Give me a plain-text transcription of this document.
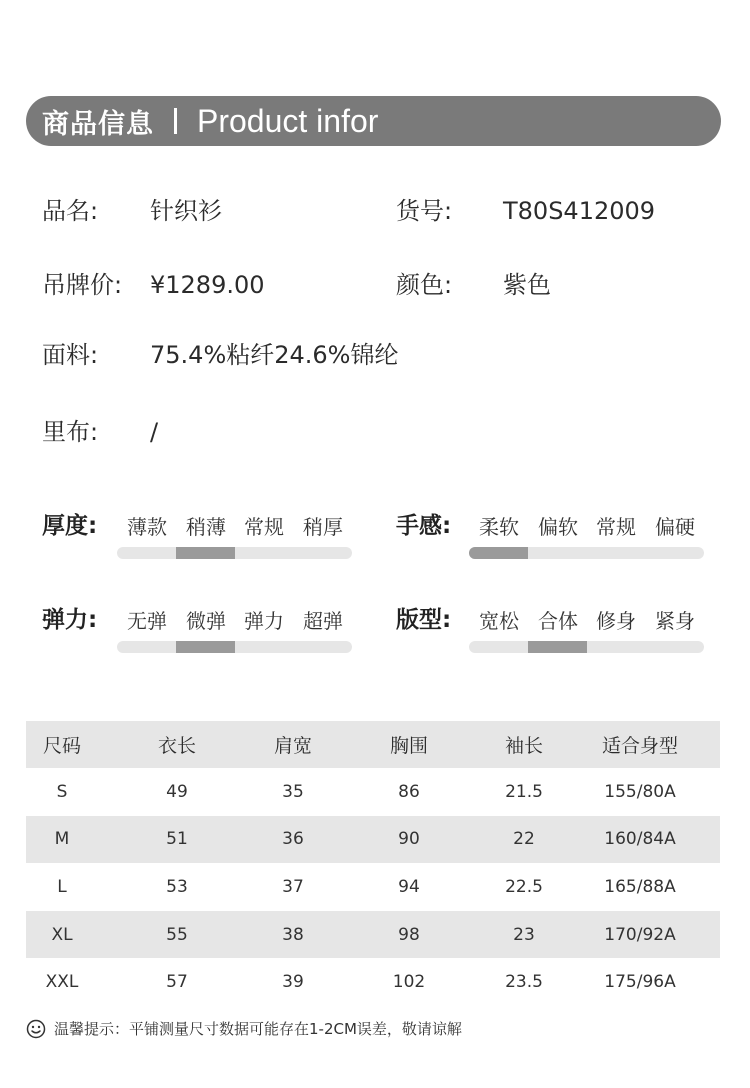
商品信息 Product infor
品名: 针织衫	货号: T80S412009
吊牌价: ¥1289.00	颜色: 紫色
面料: 75.4%粘纤24.6%锦纶
里布: /
厚度:	薄款 稍薄 常规 稍厚	手感:	柔软 偏软 常规 偏硬
弹力:	无弹 微弹 弹力 超弹	版型:	宽松 合体 修身 紧身
尺码	衣长	肩宽	胸围	袖长	适合身型
S	49	35	86	21.5	155/80A
M	51	36	90	22	160/84A
L	53	37	94	22.5	165/88A
XL	55	38	98	23	170/92A
XXL	57	39	102	23.5	175/96A
温馨提示：平铺测量尺寸数据可能存在1-2CM误差，敬请谅解
